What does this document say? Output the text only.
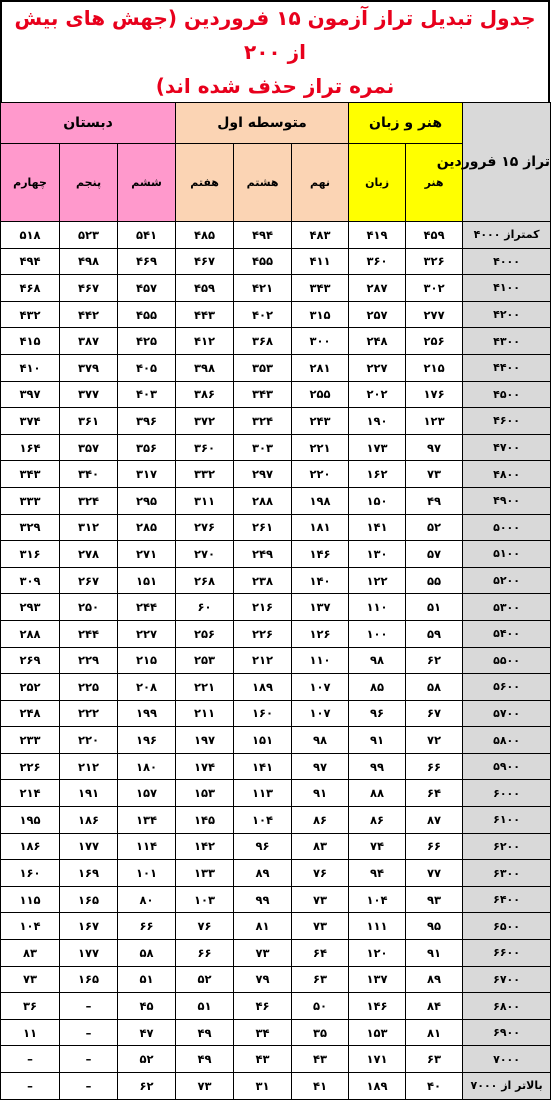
جدول تبدیل تراز آزمون ۱۵ فروردین (جهش های بیش از ۲۰۰
نمره تراز حذف شده اند)
تراز ۱۵ فروردین	هنر و زبان		متوسطه اول			دبستان		
	هنر	زبان	نهم	هشتم	هفتم	ششم	پنجم	چهارم
کمتراز ۴۰۰۰	۴۵۹	۴۱۹	۴۸۳	۴۹۴	۴۸۵	۵۴۱	۵۲۳	۵۱۸
۴۰۰۰	۳۲۶	۳۶۰	۴۱۱	۴۵۵	۴۶۷	۴۶۹	۴۹۸	۴۹۴
۴۱۰۰	۳۰۲	۲۸۷	۳۴۳	۴۲۱	۴۵۹	۴۵۷	۴۶۷	۴۶۸
۴۲۰۰	۲۷۷	۲۵۷	۳۱۵	۴۰۲	۴۴۳	۴۵۵	۴۴۲	۴۳۲
۴۳۰۰	۲۵۶	۲۴۸	۳۰۰	۳۶۸	۴۱۲	۴۲۵	۳۸۷	۴۱۵
۴۴۰۰	۲۱۵	۲۲۷	۲۸۱	۳۵۳	۳۹۸	۴۰۵	۳۷۹	۴۱۰
۴۵۰۰	۱۷۶	۲۰۲	۲۵۵	۳۴۳	۳۸۶	۴۰۳	۳۷۷	۳۹۷
۴۶۰۰	۱۲۳	۱۹۰	۲۴۳	۳۲۴	۳۷۲	۳۹۶	۳۶۱	۳۷۴
۴۷۰۰	۹۷	۱۷۳	۲۲۱	۳۰۳	۳۶۰	۳۵۶	۳۵۷	۱۶۴
۴۸۰۰	۷۳	۱۶۲	۲۲۰	۲۹۷	۳۳۲	۳۱۷	۳۴۰	۳۴۳
۴۹۰۰	۴۹	۱۵۰	۱۹۸	۲۸۸	۳۱۱	۲۹۵	۳۲۴	۳۳۳
۵۰۰۰	۵۲	۱۴۱	۱۸۱	۲۶۱	۲۷۶	۲۸۵	۳۱۲	۳۲۹
۵۱۰۰	۵۷	۱۳۰	۱۴۶	۲۴۹	۲۷۰	۲۷۱	۲۷۸	۳۱۶
۵۲۰۰	۵۵	۱۲۲	۱۴۰	۲۳۸	۲۶۸	۱۵۱	۲۶۷	۳۰۹
۵۳۰۰	۵۱	۱۱۰	۱۳۷	۲۱۶	۶۰	۲۴۴	۲۵۰	۲۹۳
۵۴۰۰	۵۹	۱۰۰	۱۲۶	۲۲۶	۲۵۶	۲۲۷	۲۴۴	۲۸۸
۵۵۰۰	۶۲	۹۸	۱۱۰	۲۱۲	۲۵۳	۲۱۵	۲۲۹	۲۶۹
۵۶۰۰	۵۸	۸۵	۱۰۷	۱۸۹	۲۲۱	۲۰۸	۲۲۵	۲۵۲
۵۷۰۰	۶۷	۹۶	۱۰۷	۱۶۰	۲۱۱	۱۹۹	۲۲۲	۲۴۸
۵۸۰۰	۷۲	۹۱	۹۸	۱۵۱	۱۹۷	۱۹۶	۲۲۰	۲۳۳
۵۹۰۰	۶۶	۹۹	۹۷	۱۴۱	۱۷۴	۱۸۰	۲۱۲	۲۲۶
۶۰۰۰	۶۴	۸۸	۹۱	۱۱۳	۱۵۳	۱۵۷	۱۹۱	۲۱۴
۶۱۰۰	۸۷	۸۶	۸۶	۱۰۴	۱۴۵	۱۳۴	۱۸۶	۱۹۵
۶۲۰۰	۶۶	۷۴	۸۳	۹۶	۱۴۲	۱۱۴	۱۷۷	۱۸۶
۶۳۰۰	۷۷	۹۴	۷۶	۸۹	۱۳۳	۱۰۱	۱۶۹	۱۶۰
۶۴۰۰	۹۳	۱۰۴	۷۳	۹۹	۱۰۳	۸۰	۱۶۵	۱۱۵
۶۵۰۰	۹۵	۱۱۱	۷۳	۸۱	۷۶	۶۶	۱۶۷	۱۰۴
۶۶۰۰	۹۱	۱۲۰	۶۴	۷۳	۶۶	۵۸	۱۷۷	۸۳
۶۷۰۰	۸۹	۱۳۷	۶۳	۷۹	۵۲	۵۱	۱۶۵	۷۳
۶۸۰۰	۸۴	۱۴۶	۵۰	۴۶	۵۱	۴۵	–	۳۶
۶۹۰۰	۸۱	۱۵۳	۳۵	۳۴	۴۹	۴۷	–	۱۱
۷۰۰۰	۶۳	۱۷۱	۴۳	۴۳	۴۹	۵۲	–	–
بالاتر از ۷۰۰۰	۴۰	۱۸۹	۴۱	۳۱	۷۳	۶۲	–	–
